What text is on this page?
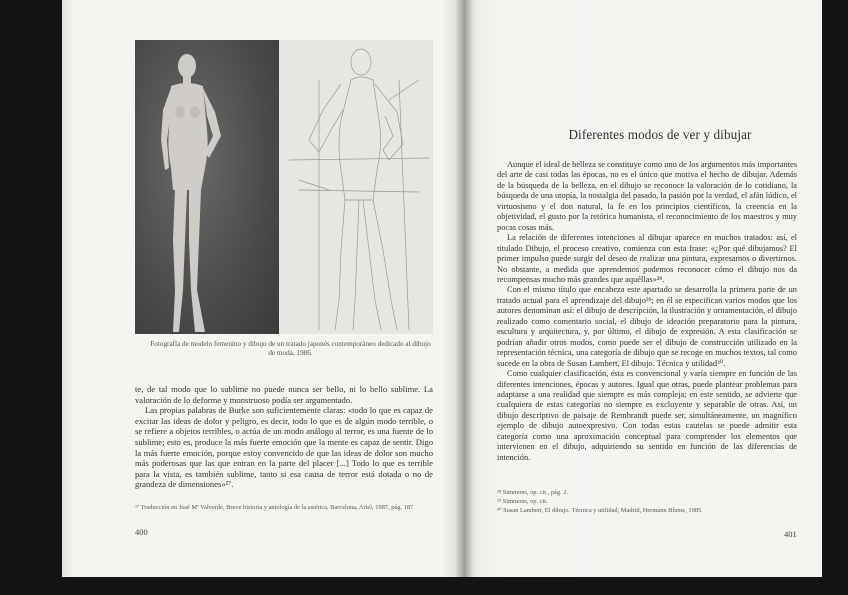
Fotografía de modelo femenino y dibujo de un tratado japonés contemporáneo dedicado al dibujo de moda, 1986.

te, de tal modo que lo sublime no puede nunca ser bello, ni lo bello sublime. La valoración de lo deforme y monstruoso podía ser argumentado.

Las propias palabras de Burke son suficientemente claras: «todo lo que es capaz de excitar las ideas de dolor y peligro, es decir, todo lo que es de algún modo terrible, o se refiere a objetos terribles, o actúa de un modo análogo al terror, es una fuente de lo sublime; esto es, produce la más fuerte emoción que la mente es capaz de sentir. Digo la más fuerte emoción, porque estoy convencido de que las ideas de dolor son mucho más poderosas que las que entran en la parte del placer [...] Todo lo que es terrible para la vista, es también sublime, tanto si esa causa de terror está dotada o no de grandeza de dimensiones»²⁷.

²⁷ Traducción en José Mª Valverde, Breve historia y antología de la estética, Barcelona, Ariel, 1987, pág. 187.
400
Diferentes modos de ver y dibujar

Aunque el ideal de belleza se constituye como uno de los argumentos más importantes del arte de casi todas las épocas, no es el único que motiva el hecho de dibujar. Además de la búsqueda de la belleza, en el dibujo se reconoce la valoración de lo cotidiano, la búsqueda de una utopía, la nostalgia del pasado, la pasión por la verdad, el afán lúdico, el virtuosismo y el don natural, la fe en los principios científicos, la creencia en la objetividad, el gusto por la retórica humanista, el reconocimiento de los maestros y muy pocas cosas más.

La relación de diferentes intenciones al dibujar aparece en muchos tratados: así, el titulado Dibujo, el proceso creativo, comienza con esta frase: «¿Por qué dibujamos? El primer impulso puede surgir del deseo de realizar una pintura, expresamos o divertirnos. No obstante, a medida que aprendemos podemos reconocer cómo el dibujo nos da recompensas mucho más grandes que aquéllas»²⁸.

Con el mismo título que encabeza este apartado se desarrolla la primera parte de un tratado actual para el aprendizaje del dibujo²⁹; en él se especifican varios modos que los autores denominan así: el dibujo de descripción, la ilustración y ornamentación, el dibujo realizado como comentario social, el dibujo de ideación preparatorio para la pintura, escultura y arquitectura, y, por último, el dibujo de expresión. A esta clasificación se podrían añadir otros modos, como puede ser el dibujo de construcción utilizado en la representación técnica, una categoría de dibujo que se recoge en muchos textos, tal como sucede en la obra de Susan Lambert, El dibujo. Técnica y utilidad³⁰.

Como cualquier clasificación, ésta es convencional y varía siempre en función de las diferentes intenciones, épocas y autores. Igual que otras, puede plantear problemas para adaptarse a una realidad que siempre es más compleja; en este sentido, se advierte que cualquiera de estas categorías no siempre es excluyente y separable de otras. Así, un dibujo descriptivo de paisaje de Rembrandt puede ser, simultáneamente, un magnífico ejemplo de dibujo autoexpresivo. Con todas estas cautelas se puede admitir esta categoría como una aproximación conceptual para comprender los elementos que intervienen en el dibujo, adquiriendo su sentido en función de las diferencias de intención.

²⁸ Simmons, op. cit., pág. 2.
²⁹ Simmons, op. cit.
³⁰ Susan Lambert, El dibujo. Técnica y utilidad, Madrid, Hermann Blume, 1985.
401
